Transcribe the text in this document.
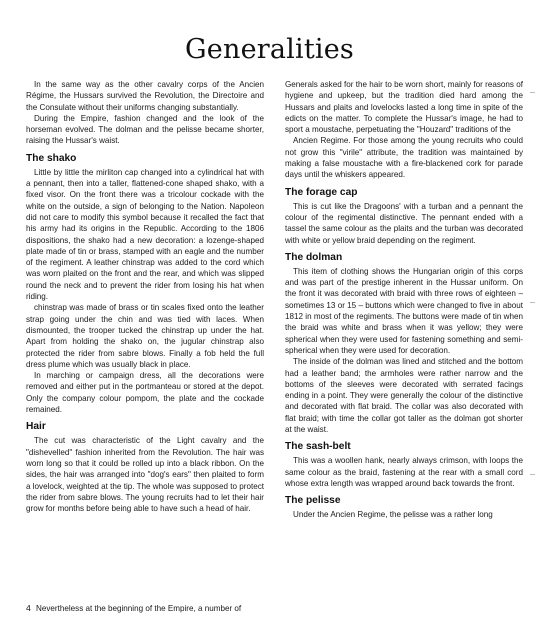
Generalities

In the same way as the other cavalry corps of the Ancien Régime, the Hussars survived the Revolution, the Directoire and the Consulate without their uniforms changing substantially.

During the Empire, fashion changed and the look of the horseman evolved. The dolman and the pelisse became shorter, raising the Hussar's waist.

The shako

Little by little the mirliton cap changed into a cylindrical hat with a pennant, then into a taller, flattened-cone shaped shako, with a fixed visor. On the front there was a tricolour cockade with the white on the outside, a sign of belonging to the Nation. Napoleon did not care to modify this symbol because it recalled the fact that his army had its origins in the Republic. According to the 1806 dispositions, the shako had a new decoration: a lozenge-shaped plate made of tin or brass, stamped with an eagle and the number of the regiment. A leather chinstrap was added to the cord which was worn plaited on the front and the rear, and which was slipped round the neck and to prevent the rider from losing his hat when riding.

chinstrap was made of brass or tin scales fixed onto the leather strap going under the chin and was tied with laces. When dismounted, the trooper tucked the chinstrap up under the hat. Apart from holding the shako on, the jugular chinstrap also protected the rider from sabre blows. Finally a fob held the full dress plume which was usually black in place.

In marching or campaign dress, all the decorations were removed and either put in the portmanteau or stored at the depot. Only the company colour pompom, the plate and the cockade remained.

Hair

The cut was characteristic of the Light cavalry and the "dishevelled" fashion inherited from the Revolution. The hair was worn long so that it could be rolled up into a black ribbon. On the sides, the hair was arranged into "dog's ears" then plaited to form a lovelock, weighted at the tip. The whole was supposed to protect the rider from sabre blows. The young recruits had to let their hair grow for months before being able to have such a head of hair.

4 Nevertheless at the beginning of the Empire, a number of

Generals asked for the hair to be worn short, mainly for reasons of hygiene and upkeep, but the tradition died hard among the Hussars and plaits and lovelocks lasted a long time in spite of the edicts on the matter. To complete the Hussar's image, he had to sport a moustache, perpetuating the "Houzard" traditions of the

Ancien Regime. For those among the young recruits who could not grow this "virile" attribute, the tradition was maintained by making a false moustache with a fire-blackened cork for parade days until the whiskers appeared.

The forage cap

This is cut like the Dragoons' with a turban and a pennant the colour of the regimental distinctive. The pennant ended with a tassel the same colour as the plaits and the turban was decorated with white or yellow braid depending on the regiment.

The dolman

This item of clothing shows the Hungarian origin of this corps and was part of the prestige inherent in the Hussar uniform. On the front it was decorated with braid with three rows of eighteen – sometimes 13 or 15 – buttons which were changed to five in about 1812 in most of the regiments. The buttons were made of tin when the braid was white and brass when it was yellow; they were spherical when they were used for fastening something and semi-spherical when they were used for decoration.

The inside of the dolman was lined and stitched and the bottom had a leather band; the armholes were rather narrow and the bottoms of the sleeves were decorated with serrated facings ending in a point. They were generally the colour of the distinctive and decorated with flat braid. The collar was also decorated with flat braid; with time the collar got taller as the dolman got shorter at the waist.

The sash-belt

This was a woollen hank, nearly always crimson, with loops the same colour as the braid, fastening at the rear with a small cord whose extra length was wrapped around back towards the front.

The pelisse

Under the Ancien Regime, the pelisse was a rather long
